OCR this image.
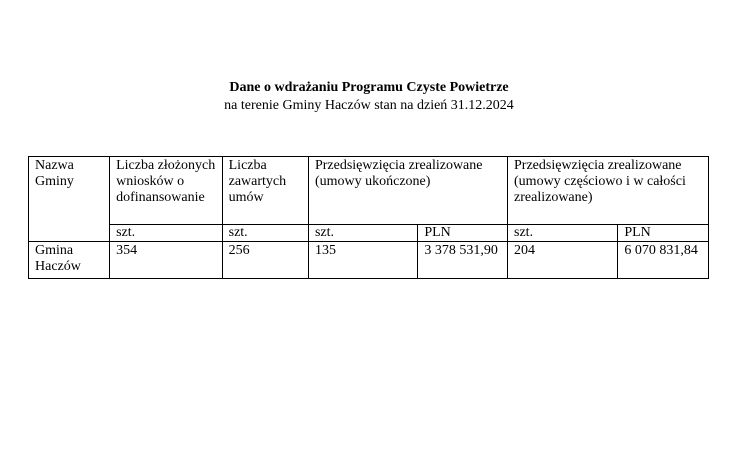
Dane o wdrażaniu Programu Czyste Powietrze
na terenie Gminy Haczów stan na dzień 31.12.2024
Nazwa Gminy	Liczba złożonych wniosków o dofinansowanie	Liczba zawartych umów	Przedsięwzięcia zrealizowane (umowy ukończone)		Przedsięwzięcia zrealizowane (umowy częściowo i w całości zrealizowane)	
	szt.	szt.	szt.	PLN	szt.	PLN
Gmina Haczów	354	256	135	3 378 531,90	204	6 070 831,84
